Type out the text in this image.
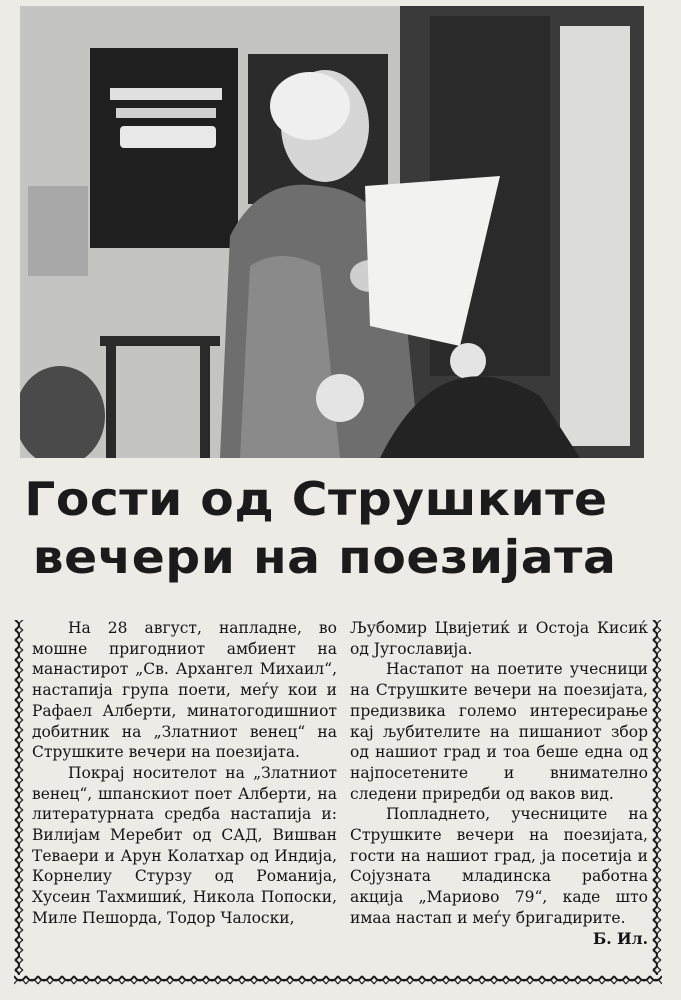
Гости од Струшките
вечери на поезијата

На 28 август, напладне, во мошне пригодниот амбиент на манастирот „Св. Архангел Михаил“, настапија група поети, меѓу кои и Рафаел Алберти, минатогодишниот добитник на „Златниот венец“ на Струшките вечери на поезијата.

Покрај носителот на „Златниот венец“, шпанскиот поет Алберти, на литературната средба настапија и: Вилијам Меребит од САД, Вишван Теваери и Арун Колатхар од Индија, Корнелиу Стурзу од Романија, Хусеин Тахмишиќ, Никола Попоски, Миле Пешорда, Тодор Чалоски,

Љубомир Цвијетиќ и Остоја Кисиќ од Југославија.

Настапот на поетите учесници на Струшките вечери на поезијата, предизвика големо интересирање кај љубителите на пишаниот збор од нашиот град и тоа беше една од најпосетените и внимателно следени приредби од ваков вид.

Попладнето, учесниците на Струшките вечери на поезијата, гости на нашиот град, ја посетија и Сојузната младинска работна акција „Мариово 79“, каде што имаа настап и меѓу бригадирите.

Б. Ил.
